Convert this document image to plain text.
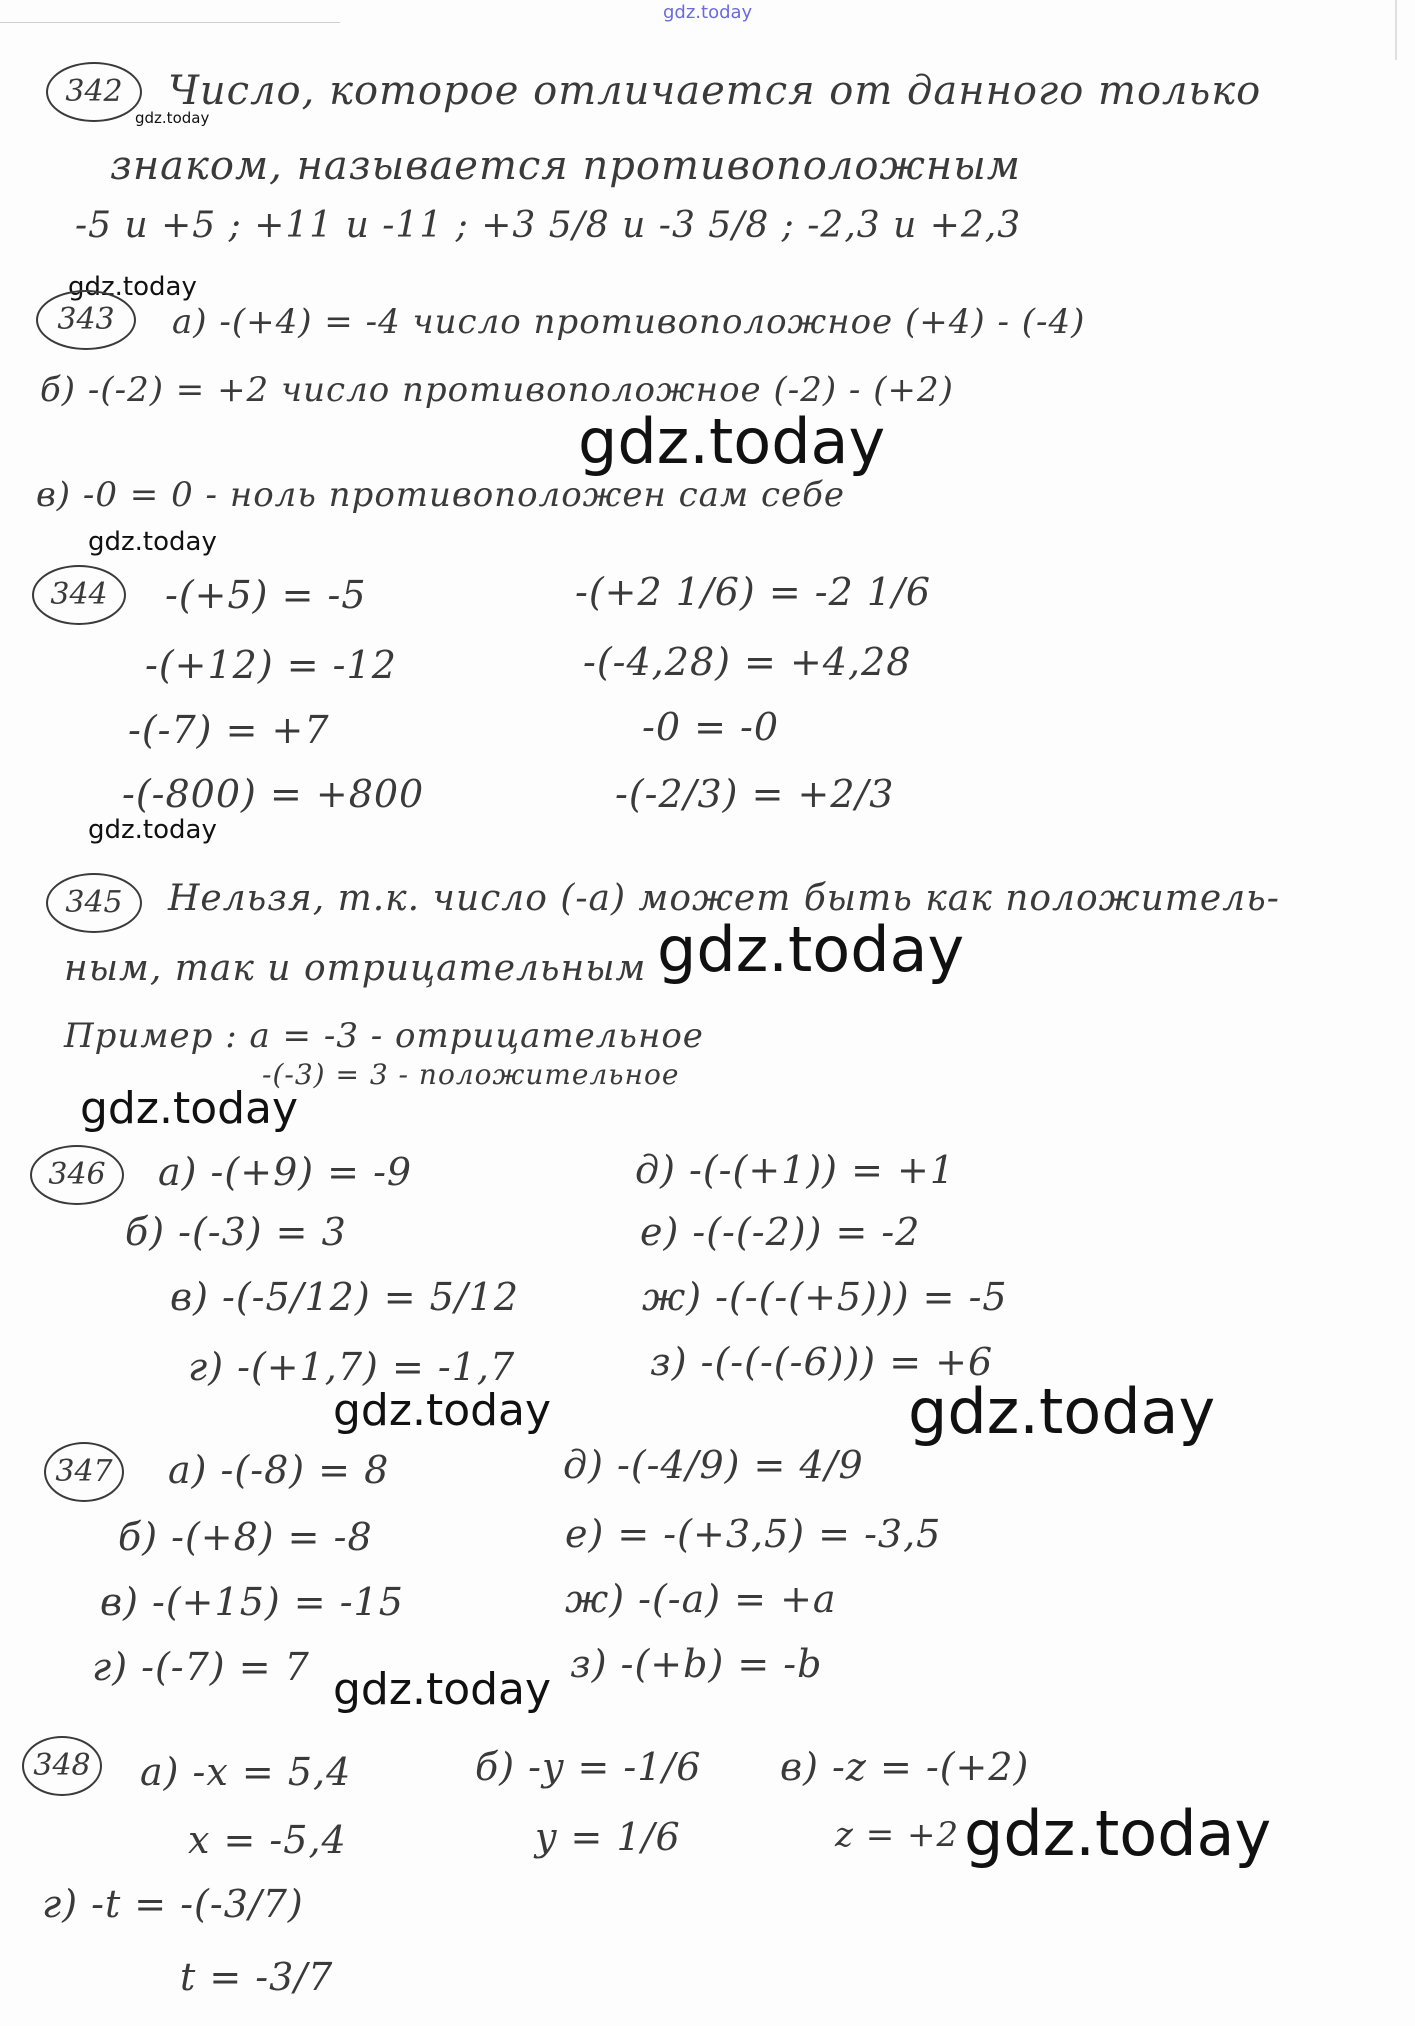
gdz.today
gdz.today
gdz.today
gdz.today
gdz.today
gdz.today
gdz.today
gdz.today
gdz.today	gdz.today
gdz.today
gdz.today
342
343
344
345
346
347
348
Число, которое отличается от данного только
знаком, называется противоположным
-5 и +5 ; +11 и -11 ; +3 5/8 и -3 5/8 ; -2,3 и +2,3
а) -(+4) = -4 число противоположное (+4) - (-4)
б) -(-2) = +2 число противоположное (-2) - (+2)
в) -0 = 0 - ноль противоположен сам себе
-(+5) = -5
-(+12) = -12
-(-7) = +7
-(-800) = +800
-(+2 1/6) = -2 1/6
-(-4,28) = +4,28
-0 = -0
-(-2/3) = +2/3
Нельзя, т.к. число (-а) может быть как положитель-
ным, так и отрицательным
Пример : а = -3 - отрицательное
-(-3) = 3 - положительное
а) -(+9) = -9
б) -(-3) = 3
в) -(-5/12) = 5/12
г) -(+1,7) = -1,7
д) -(-(+1)) = +1
е) -(-(-2)) = -2
ж) -(-(-(+5))) = -5
з) -(-(-(-6))) = +6
а) -(-8) = 8
б) -(+8) = -8
в) -(+15) = -15
г) -(-7) = 7
д) -(-4/9) = 4/9
е) = -(+3,5) = -3,5
ж) -(-а) = +а
з) -(+b) = -b
а) -x = 5,4
x = -5,4
б) -y = -1/6
y = 1/6
в) -z = -(+2)
z = +2
г) -t = -(-3/7)
t = -3/7
